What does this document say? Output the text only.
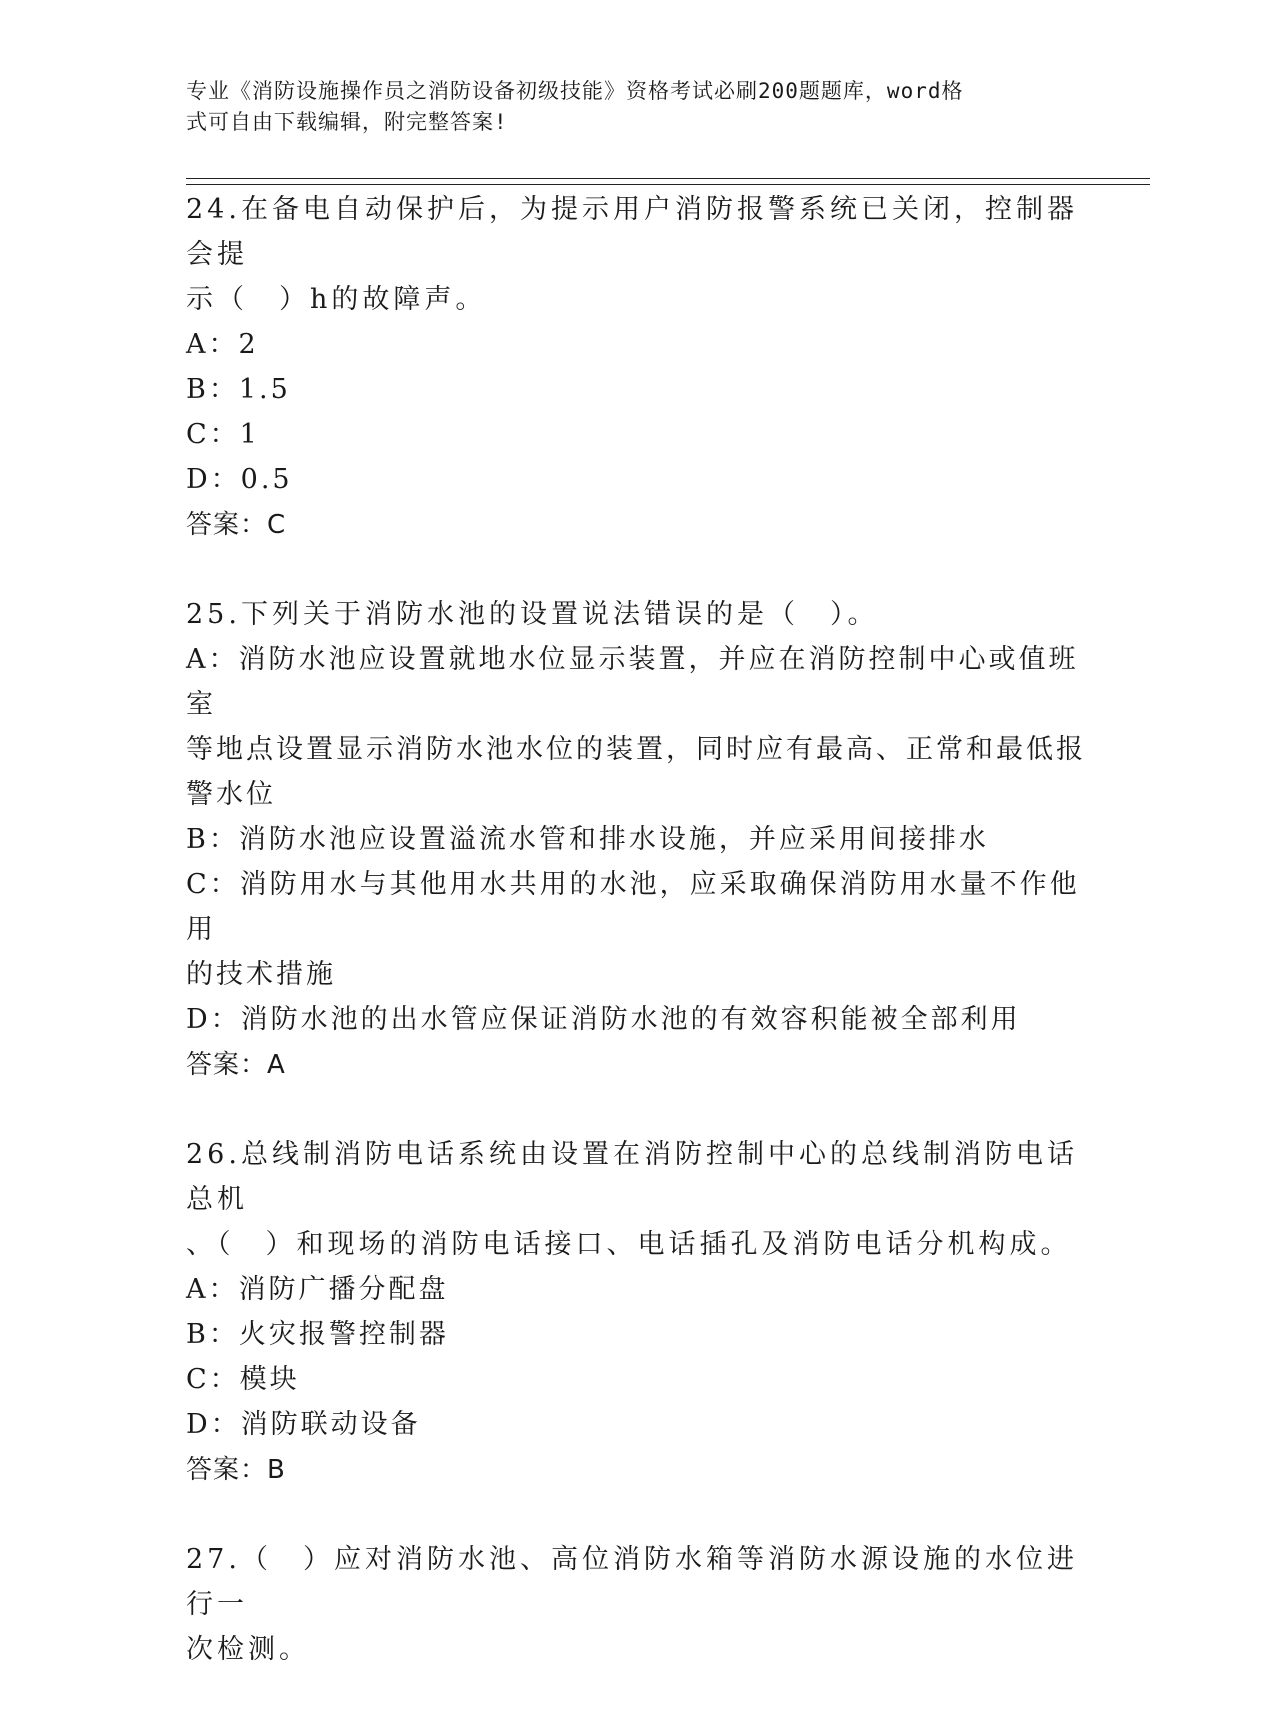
专业《消防设施操作员之消防设备初级技能》资格考试必刷200题题库，word格
式可自由下载编辑，附完整答案!
24.在备电自动保护后，为提示用户消防报警系统已关闭，控制器会提
示（　）h的故障声。
A：2
B：1.5
C：1
D：0.5
答案：C
25.下列关于消防水池的设置说法错误的是（　）。
A：消防水池应设置就地水位显示装置，并应在消防控制中心或值班室
等地点设置显示消防水池水位的装置，同时应有最高、正常和最低报
警水位
B：消防水池应设置溢流水管和排水设施，并应采用间接排水
C：消防用水与其他用水共用的水池，应采取确保消防用水量不作他用
的技术措施
D：消防水池的出水管应保证消防水池的有效容积能被全部利用
答案：A
26.总线制消防电话系统由设置在消防控制中心的总线制消防电话总机
、（　）和现场的消防电话接口、电话插孔及消防电话分机构成。
A：消防广播分配盘
B：火灾报警控制器
C：模块
D：消防联动设备
答案：B
27.（　）应对消防水池、高位消防水箱等消防水源设施的水位进行一
次检测。
